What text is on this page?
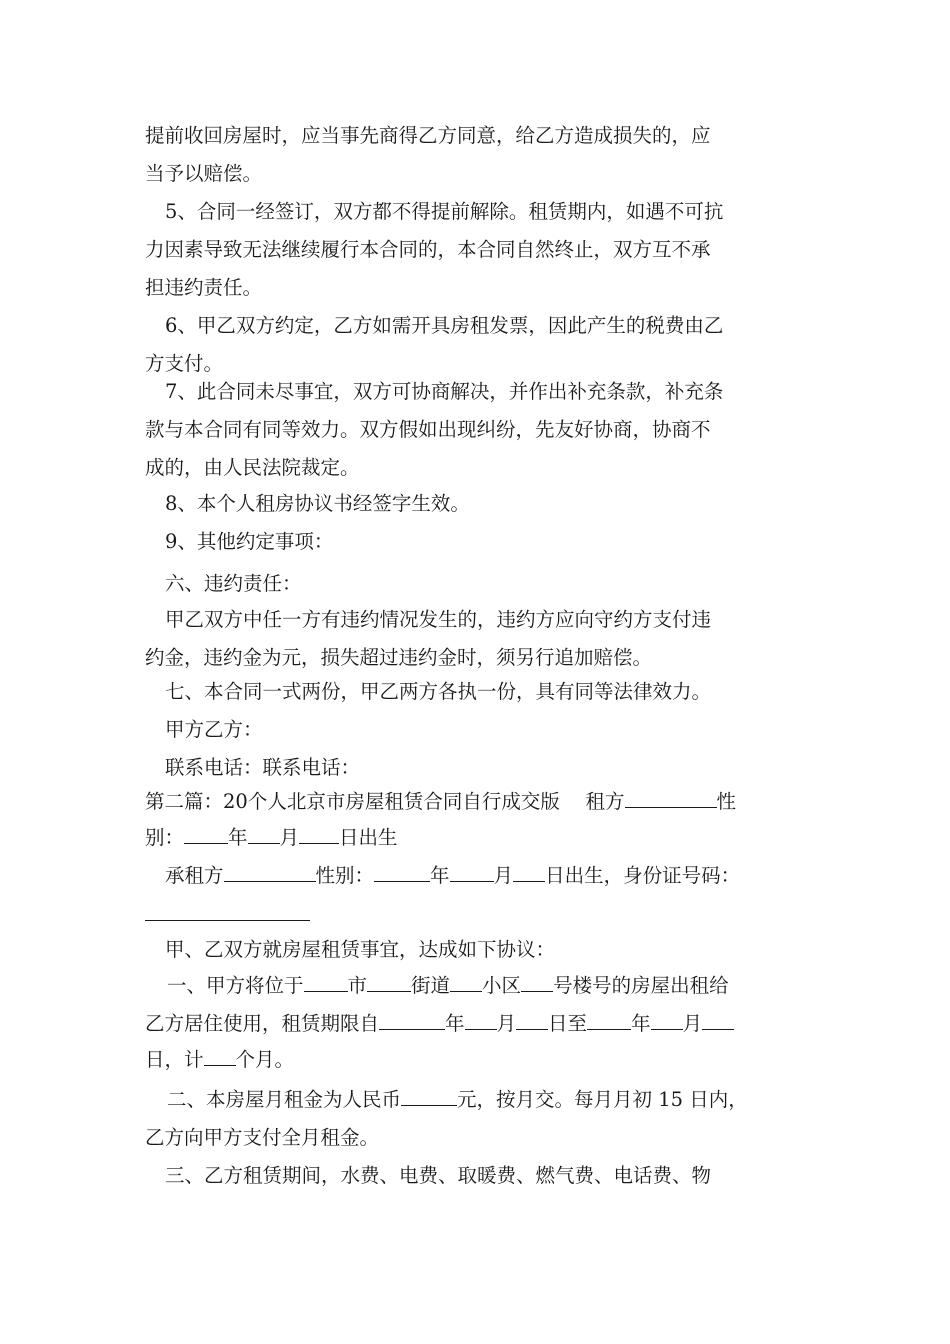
提前收回房屋时，应当事先商得乙方同意，给乙方造成损失的，应
当予以赔偿。
5、合同一经签订，双方都不得提前解除。租赁期内，如遇不可抗
力因素导致无法继续履行本合同的，本合同自然终止，双方互不承
担违约责任。
6、甲乙双方约定，乙方如需开具房租发票，因此产生的税费由乙
方支付。
7、此合同未尽事宜，双方可协商解决，并作出补充条款，补充条
款与本合同有同等效力。双方假如出现纠纷，先友好协商，协商不
成的，由人民法院裁定。
8、本个人租房协议书经签字生效。
9、其他约定事项：
六、违约责任：
甲乙双方中任一方有违约情况发生的，违约方应向守约方支付违
约金，违约金为元，损失超过违约金时，须另行追加赔偿。
七、本合同一式两份，甲乙两方各执一份，具有同等法律效力。
甲方乙方：
联系电话：联系电话：
第二篇：20个人北京市房屋租赁合同自行成交版　 租方	性
别： 年 月 日出生
承租方	性别：	年 月 日出生，身份证号码：
甲、乙双方就房屋租赁事宜，达成如下协议：
一、甲方将位于 市 街道 小区 号楼号的房屋出租给
乙方居住使用，租赁期限自	年 月 日至 年 月
日，计 个月。
二、本房屋月租金为人民币	元，按月交。每月月初 15 日内，
乙方向甲方支付全月租金。
三、乙方租赁期间，水费、电费、取暖费、燃气费、电话费、物
